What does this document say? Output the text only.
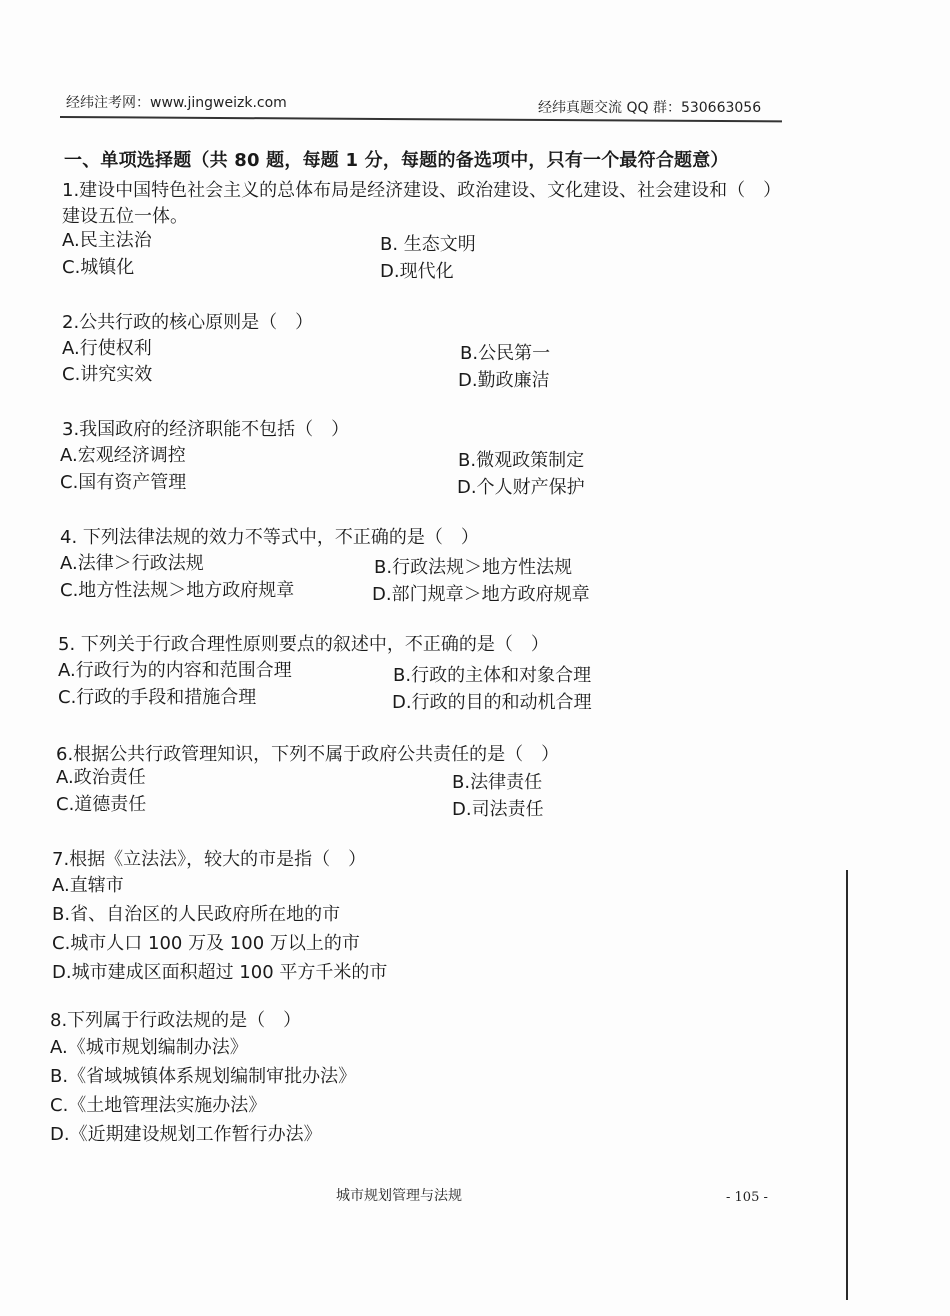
经纬注考网：www.jingweizk.com	经纬真题交流 QQ 群：530663056
一、单项选择题（共 80 题，每题 1 分，每题的备选项中，只有一个最符合题意）

1.建设中国特色社会主义的总体布局是经济建设、政治建设、文化建设、社会建设和（　）建设五位一体。

A.民主法治	B. 生态文明
C.城镇化	D.现代化

2.公共行政的核心原则是（　）

A.行使权利	B.公民第一
C.讲究实效	D.勤政廉洁

3.我国政府的经济职能不包括（　）

A.宏观经济调控	B.微观政策制定
C.国有资产管理	D.个人财产保护

4. 下列法律法规的效力不等式中，不正确的是（　）

A.法律＞行政法规	B.行政法规＞地方性法规
C.地方性法规＞地方政府规章	D.部门规章＞地方政府规章

5. 下列关于行政合理性原则要点的叙述中，不正确的是（　）

A.行政行为的内容和范围合理	B.行政的主体和对象合理
C.行政的手段和措施合理	D.行政的目的和动机合理

6.根据公共行政管理知识，下列不属于政府公共责任的是（　）

A.政治责任	B.法律责任
C.道德责任	D.司法责任

7.根据《立法法》，较大的市是指（　）

A.直辖市
B.省、自治区的人民政府所在地的市
C.城市人口 100 万及 100 万以上的市
D.城市建成区面积超过 100 平方千米的市

8.下列属于行政法规的是（　）

A.《城市规划编制办法》
B.《省域城镇体系规划编制审批办法》
C.《土地管理法实施办法》
D.《近期建设规划工作暂行办法》
城市规划管理与法规	- 105 -
